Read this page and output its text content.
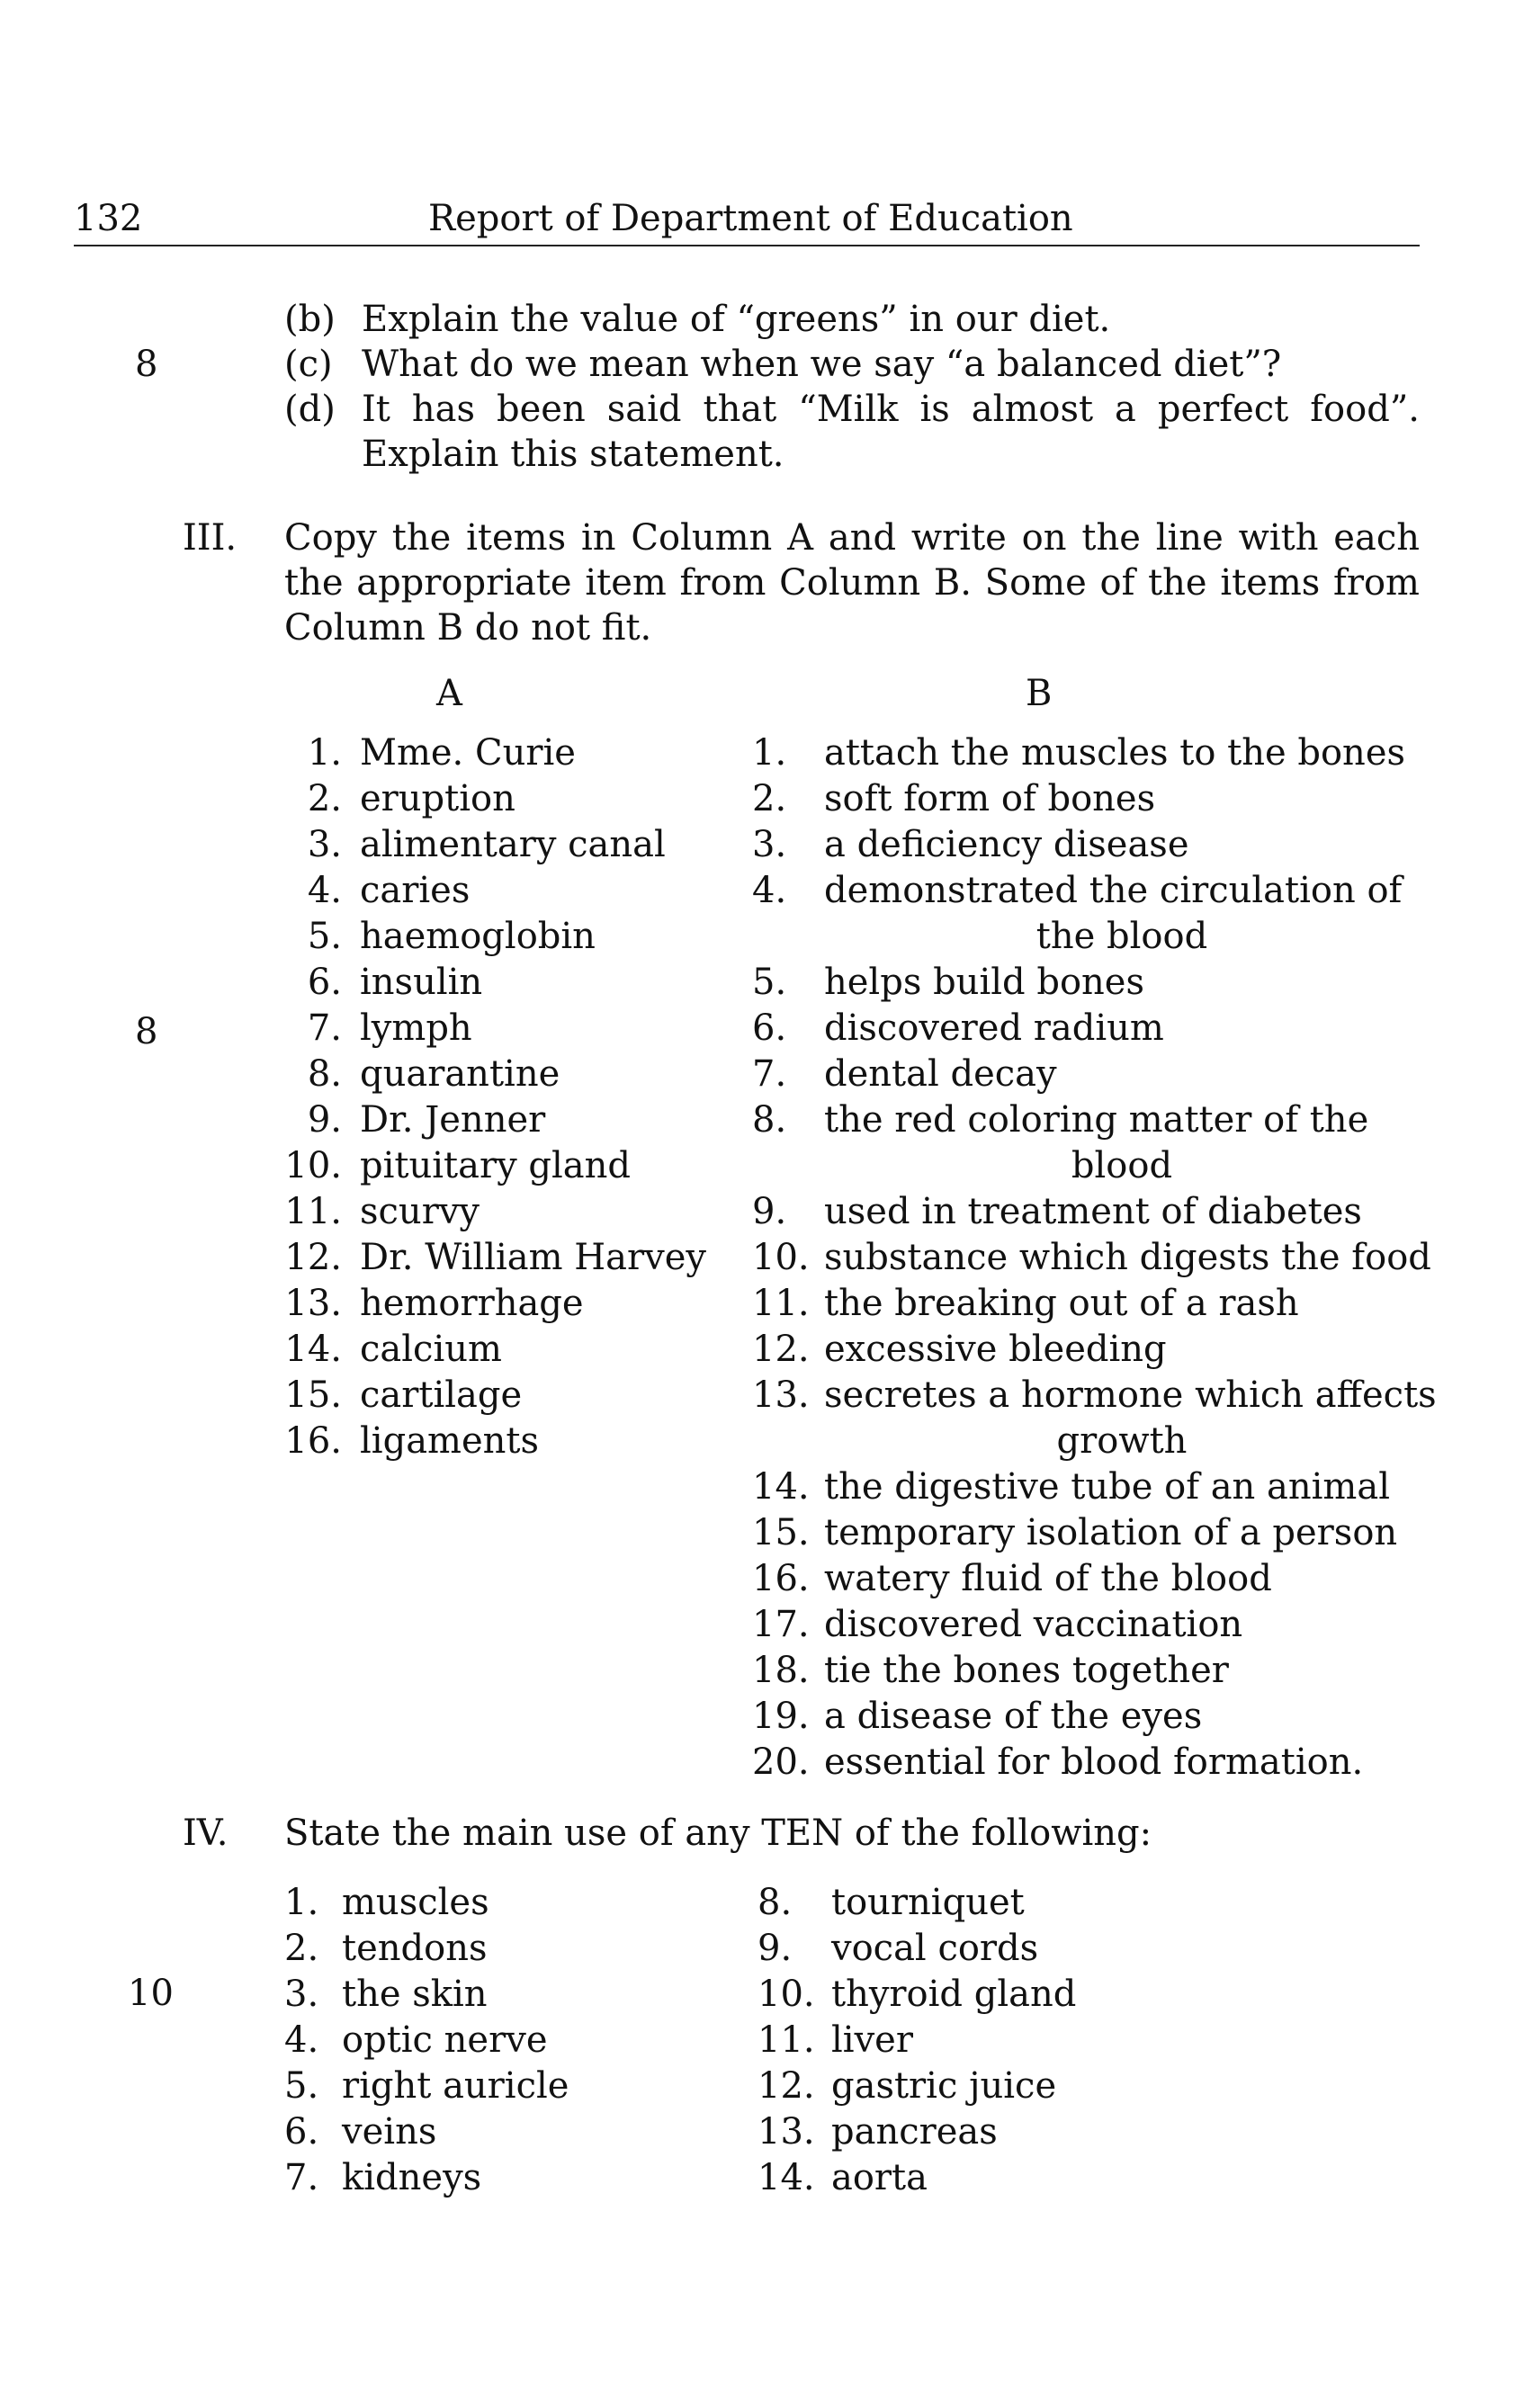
132	Report of Department of Education
8
(b) Explain the value of “greens” in our diet.
(c) What do we mean when we say “a balanced diet”?
(d) It has been said that “Milk is almost a perfect food”.
Explain this statement.
III. Copy the items in Column A and write on the line with each
the appropriate item from Column B. Some of the items from
Column B do not fit.
A	B
8
1. Mme. Curie
2. eruption
3. alimentary canal
4. caries
5. haemoglobin
6. insulin
7. lymph
8. quarantine
9. Dr. Jenner
10. pituitary gland
11. scurvy
12. Dr. William Harvey
13. hemorrhage
14. calcium
15. cartilage
16. ligaments
1. attach the muscles to the bones
2. soft form of bones
3. a deficiency disease
4. demonstrated the circulation of
the blood
5. helps build bones
6. discovered radium
7. dental decay
8. the red coloring matter of the
blood
9. used in treatment of diabetes
10. substance which digests the food
11. the breaking out of a rash
12. excessive bleeding
13. secretes a hormone which affects
growth
14. the digestive tube of an animal
15. temporary isolation of a person
16. watery fluid of the blood
17. discovered vaccination
18. tie the bones together
19. a disease of the eyes
20. essential for blood formation.
IV. State the main use of any TEN of the following:
10
1. muscles
2. tendons
3. the skin
4. optic nerve
5. right auricle
6. veins
7. kidneys
8. tourniquet
9. vocal cords
10. thyroid gland
11. liver
12. gastric juice
13. pancreas
14. aorta
